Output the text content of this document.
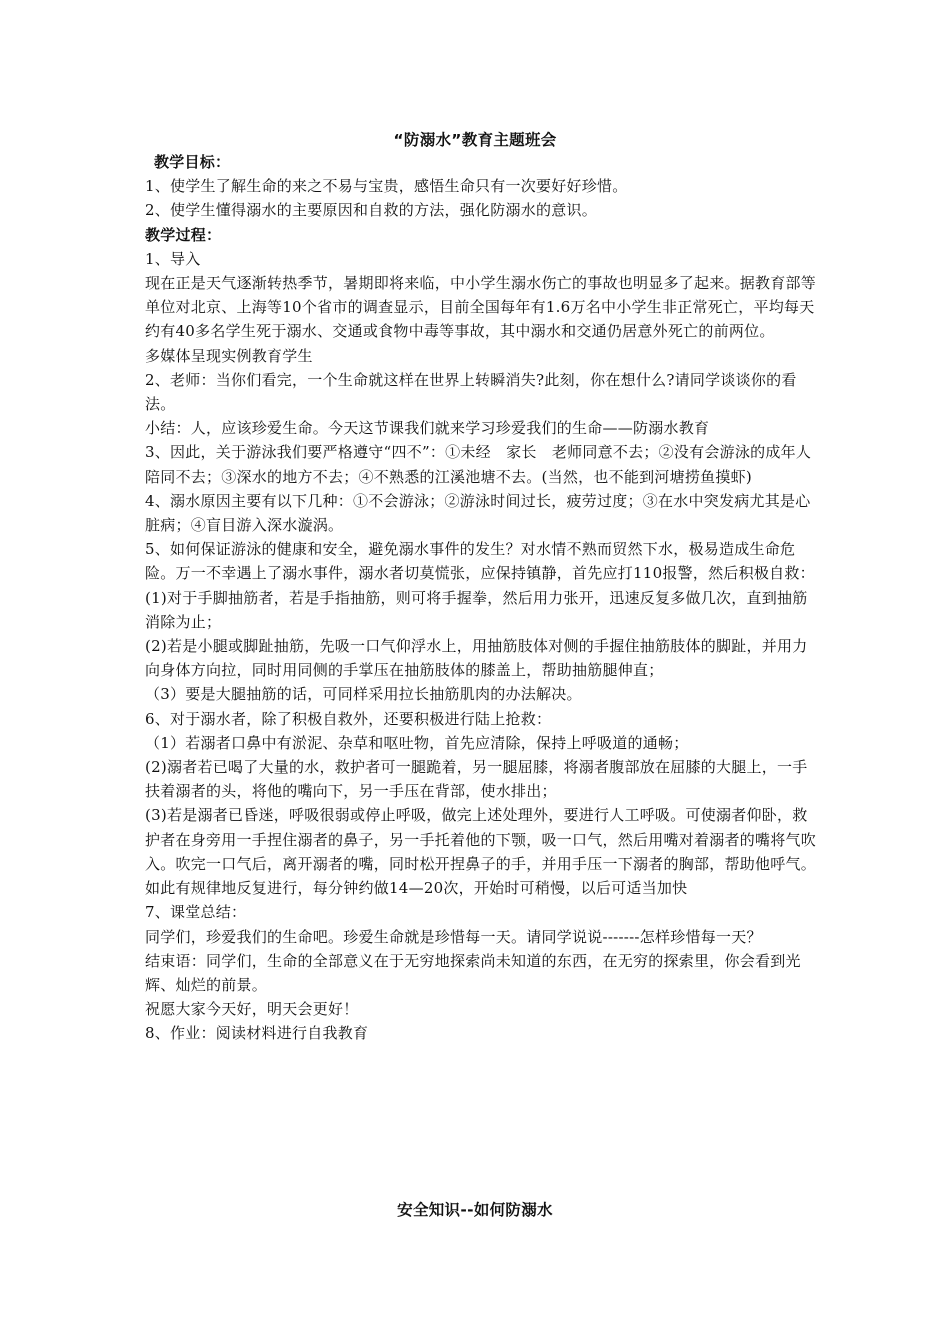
“防溺水”教育主题班会

教学目标：

1、使学生了解生命的来之不易与宝贵，感悟生命只有一次要好好珍惜。

2、使学生懂得溺水的主要原因和自救的方法，强化防溺水的意识。

教学过程：

1、导入

现在正是天气逐渐转热季节，暑期即将来临，中小学生溺水伤亡的事故也明显多了起来。据教育部等单位对北京、上海等10个省市的调查显示，目前全国每年有1.6万名中小学生非正常死亡，平均每天约有40多名学生死于溺水、交通或食物中毒等事故，其中溺水和交通仍居意外死亡的前两位。

多媒体呈现实例教育学生

2、老师：当你们看完，一个生命就这样在世界上转瞬消失?此刻，你在想什么?请同学谈谈你的看法。

小结：人，应该珍爱生命。今天这节课我们就来学习珍爱我们的生命——防溺水教育

3、因此，关于游泳我们要严格遵守“四不”：①未经　家长　老师同意不去；②没有会游泳的成年人陪同不去；③深水的地方不去；④不熟悉的江溪池塘不去。(当然，也不能到河塘捞鱼摸虾)

4、溺水原因主要有以下几种：①不会游泳；②游泳时间过长，疲劳过度；③在水中突发病尤其是心脏病；④盲目游入深水漩涡。

5、如何保证游泳的健康和安全，避免溺水事件的发生？对水情不熟而贸然下水，极易造成生命危险。万一不幸遇上了溺水事件，溺水者切莫慌张，应保持镇静，首先应打110报警，然后积极自救：

(1)对于手脚抽筋者，若是手指抽筋，则可将手握拳，然后用力张开，迅速反复多做几次，直到抽筋消除为止；

(2)若是小腿或脚趾抽筋，先吸一口气仰浮水上，用抽筋肢体对侧的手握住抽筋肢体的脚趾，并用力向身体方向拉，同时用同侧的手掌压在抽筋肢体的膝盖上，帮助抽筋腿伸直；

（3）要是大腿抽筋的话，可同样采用拉长抽筋肌肉的办法解决。

6、对于溺水者，除了积极自救外，还要积极进行陆上抢救：

（1）若溺者口鼻中有淤泥、杂草和呕吐物，首先应清除，保持上呼吸道的通畅；

(2)溺者若已喝了大量的水，救护者可一腿跪着，另一腿屈膝，将溺者腹部放在屈膝的大腿上，一手扶着溺者的头，将他的嘴向下，另一手压在背部，使水排出；

(3)若是溺者已昏迷，呼吸很弱或停止呼吸，做完上述处理外，要进行人工呼吸。可使溺者仰卧，救护者在身旁用一手捏住溺者的鼻子，另一手托着他的下颚，吸一口气，然后用嘴对着溺者的嘴将气吹入。吹完一口气后，离开溺者的嘴，同时松开捏鼻子的手，并用手压一下溺者的胸部，帮助他呼气。如此有规律地反复进行，每分钟约做14—20次，开始时可稍慢，以后可适当加快

7、课堂总结：

同学们，珍爱我们的生命吧。珍爱生命就是珍惜每一天。请同学说说-------怎样珍惜每一天？

结束语：同学们，生命的全部意义在于无穷地探索尚未知道的东西，在无穷的探索里，你会看到光辉、灿烂的前景。

祝愿大家今天好，明天会更好！

8、作业：阅读材料进行自我教育

安全知识--如何防溺水
